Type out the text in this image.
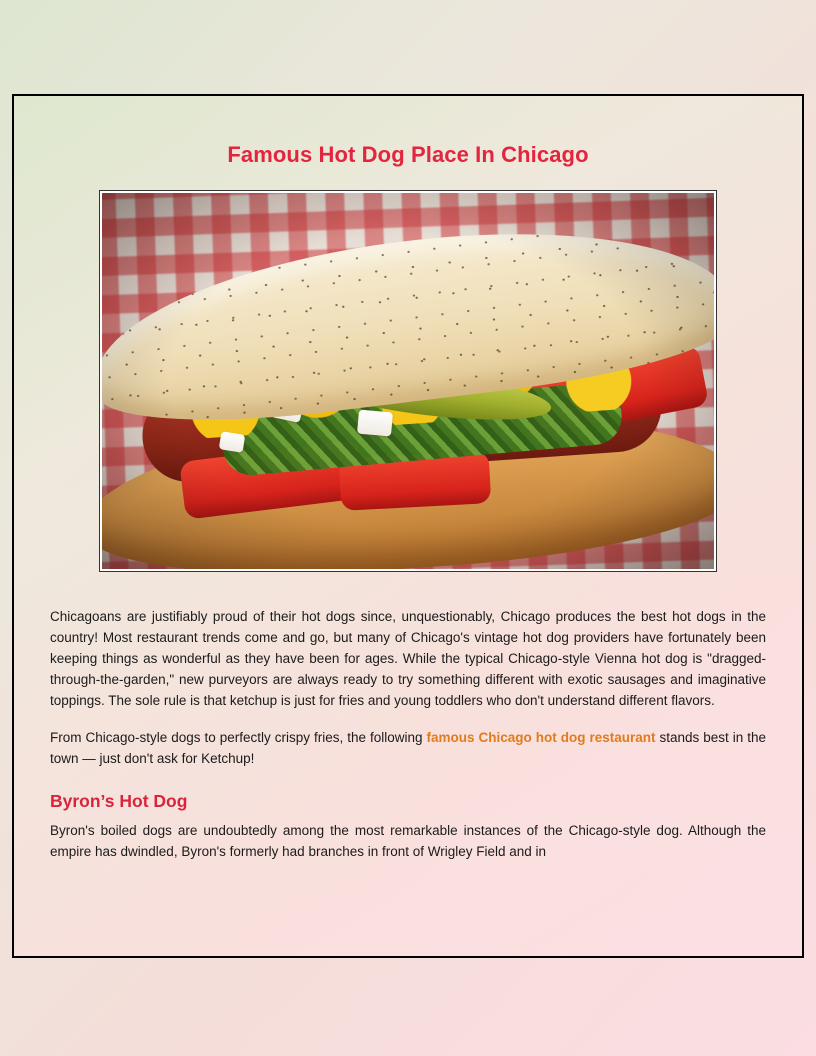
Famous Hot Dog Place In Chicago

Chicagoans are justifiably proud of their hot dogs since, unquestionably, Chicago produces the best hot dogs in the country! Most restaurant trends come and go, but many of Chicago's vintage hot dog providers have fortunately been keeping things as wonderful as they have been for ages. While the typical Chicago-style Vienna hot dog is "dragged-through-the-garden," new purveyors are always ready to try something different with exotic sausages and imaginative toppings. The sole rule is that ketchup is just for fries and young toddlers who don't understand different flavors.

From Chicago-style dogs to perfectly crispy fries, the following famous Chicago hot dog restaurant stands best in the town — just don't ask for Ketchup!

Byron’s Hot Dog

Byron's boiled dogs are undoubtedly among the most remarkable instances of the Chicago-style dog. Although the empire has dwindled, Byron's formerly had branches in front of Wrigley Field and in
